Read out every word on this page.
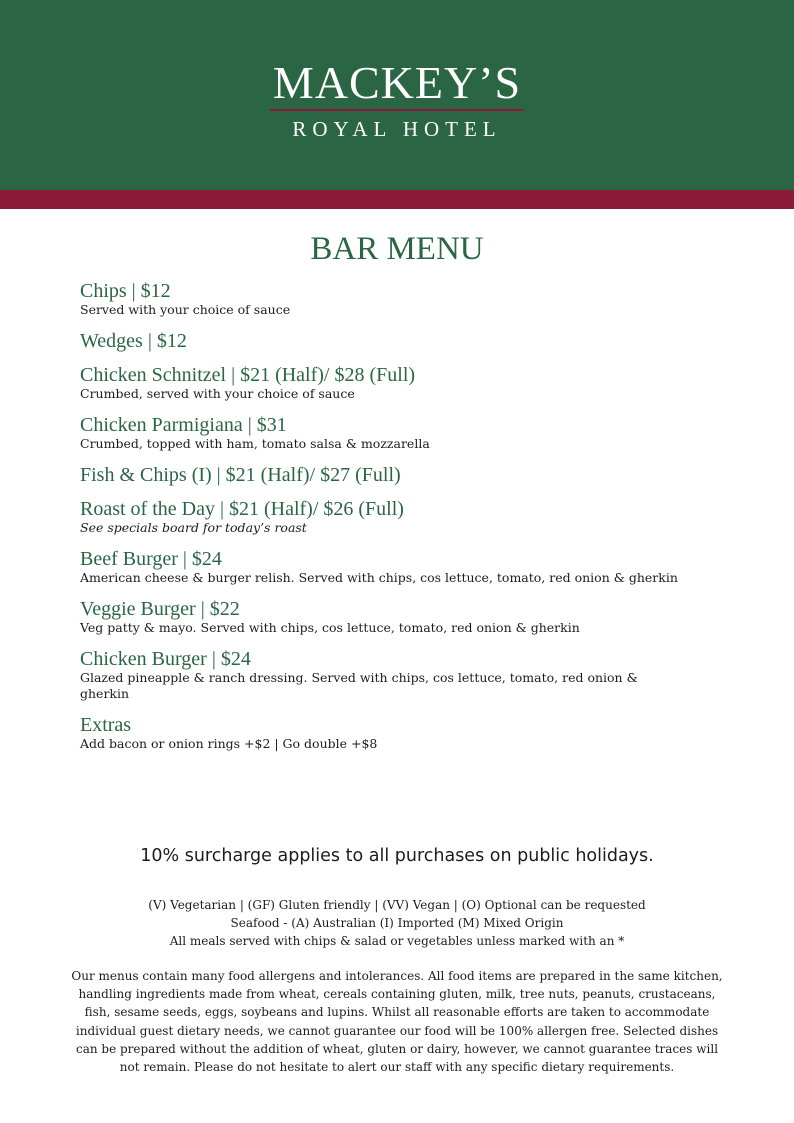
MACKEY’S
ROYAL HOTEL
BAR MENU
Chips | $12
Served with your choice of sauce
Wedges | $12
Chicken Schnitzel | $21 (Half)/ $28 (Full)
Crumbed, served with your choice of sauce
Chicken Parmigiana | $31
Crumbed, topped with ham, tomato salsa & mozzarella
Fish & Chips (I) | $21 (Half)/ $27 (Full)
Roast of the Day | $21 (Half)/ $26 (Full)
See specials board for today’s roast
Beef Burger | $24
American cheese & burger relish. Served with chips, cos lettuce, tomato, red onion & gherkin
Veggie Burger | $22
Veg patty & mayo. Served with chips, cos lettuce, tomato, red onion & gherkin
Chicken Burger | $24
Glazed pineapple & ranch dressing. Served with chips, cos lettuce, tomato, red onion & gherkin
Extras
Add bacon or onion rings +$2 | Go double +$8
10% surcharge applies to all purchases on public holidays.
(V) Vegetarian | (GF) Gluten friendly | (VV) Vegan | (O) Optional can be requested
Seafood - (A) Australian (I) Imported (M) Mixed Origin
All meals served with chips & salad or vegetables unless marked with an *
Our menus contain many food allergens and intolerances. All food items are prepared in the same kitchen, handling ingredients made from wheat, cereals containing gluten, milk, tree nuts, peanuts, crustaceans, fish, sesame seeds, eggs, soybeans and lupins. Whilst all reasonable efforts are taken to accommodate individual guest dietary needs, we cannot guarantee our food will be 100% allergen free. Selected dishes can be prepared without the addition of wheat, gluten or dairy, however, we cannot guarantee traces will not remain. Please do not hesitate to alert our staff with any specific dietary requirements.
